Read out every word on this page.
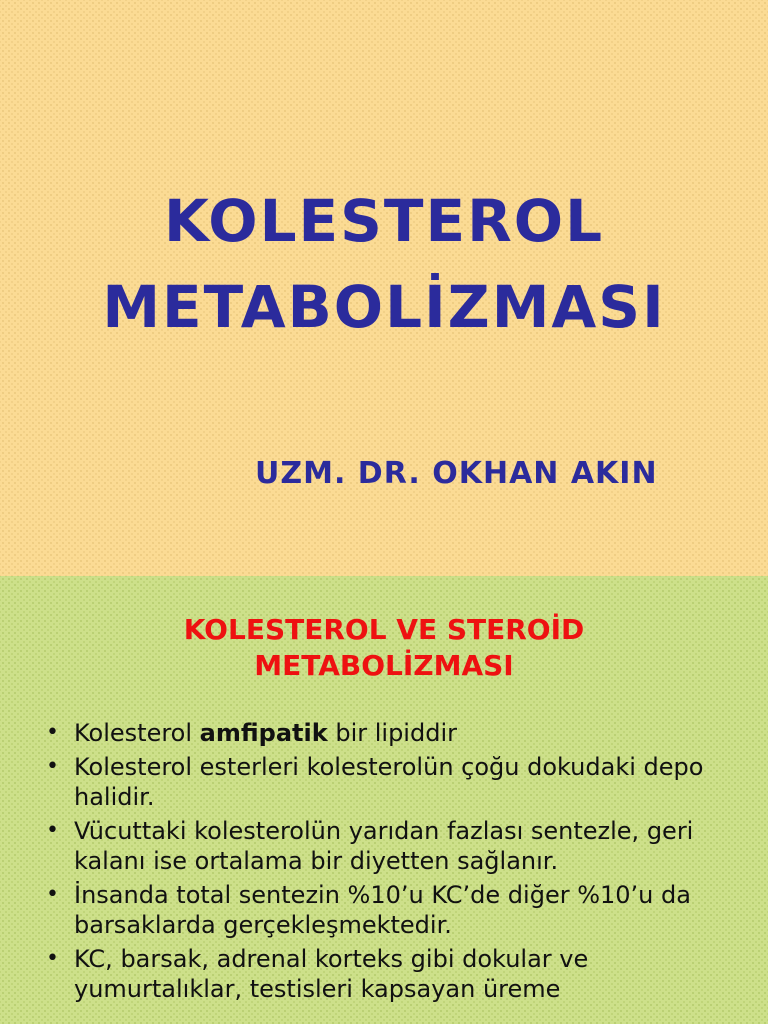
KOLESTEROL
METABOLİZMASI
UZM. DR. OKHAN AKIN
KOLESTEROL VE STEROİD
METABOLİZMASI
• Kolesterol amfipatik bir lipiddir
• Kolesterol esterleri kolesterolün çoğu dokudaki depo halidir.
• Vücuttaki kolesterolün yarıdan fazlası sentezle, geri kalanı ise ortalama bir diyetten sağlanır.
• İnsanda total sentezin %10’u KC’de diğer %10’u da barsaklarda gerçekleşmektedir.
• KC, barsak, adrenal korteks gibi dokular ve yumurtalıklar, testisleri kapsayan üreme
